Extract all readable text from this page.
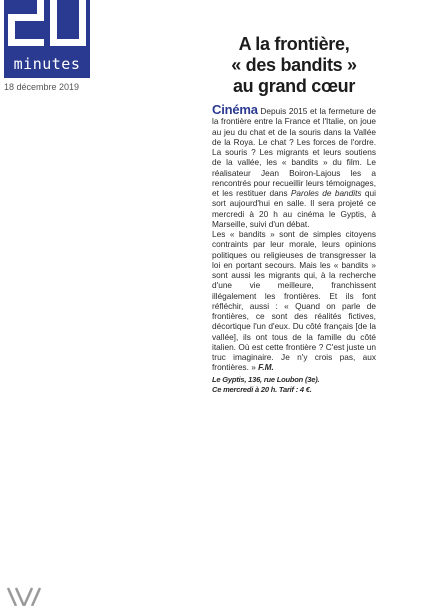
minutes
18 décembre 2019
A la frontière,
« des bandits »
au grand cœur

Cinéma Depuis 2015 et la fermeture de la frontière entre la France et l'Italie, on joue au jeu du chat et de la souris dans la Vallée de la Roya. Le chat ? Les forces de l'ordre. La souris ? Les migrants et leurs soutiens de la vallée, les « bandits » du film. Le réalisateur Jean Boiron-Lajous les a rencontrés pour recueillir leurs témoignages, et les restituer dans Paroles de bandits qui sort aujourd'hui en salle. Il sera projeté ce mercredi à 20 h au cinéma le Gyptis, à Marseille, suivi d'un débat.

Les « bandits » sont de simples citoyens contraints par leur morale, leurs opinions politiques ou religieuses de transgresser la loi en portant secours. Mais les « bandits » sont aussi les migrants qui, à la recherche d'une vie meilleure, franchissent illégalement les frontières. Et ils font réfléchir, aussi : « Quand on parle de frontières, ce sont des réalités fictives, décortique l'un d'eux. Du côté français [de la vallée], ils ont tous de la famille du côté italien. Où est cette frontière ? C'est juste un truc imaginaire. Je n'y crois pas, aux frontières. » F.M.

Le Gyptis, 136, rue Loubon (3e).
Ce mercredi à 20 h. Tarif : 4 €.
